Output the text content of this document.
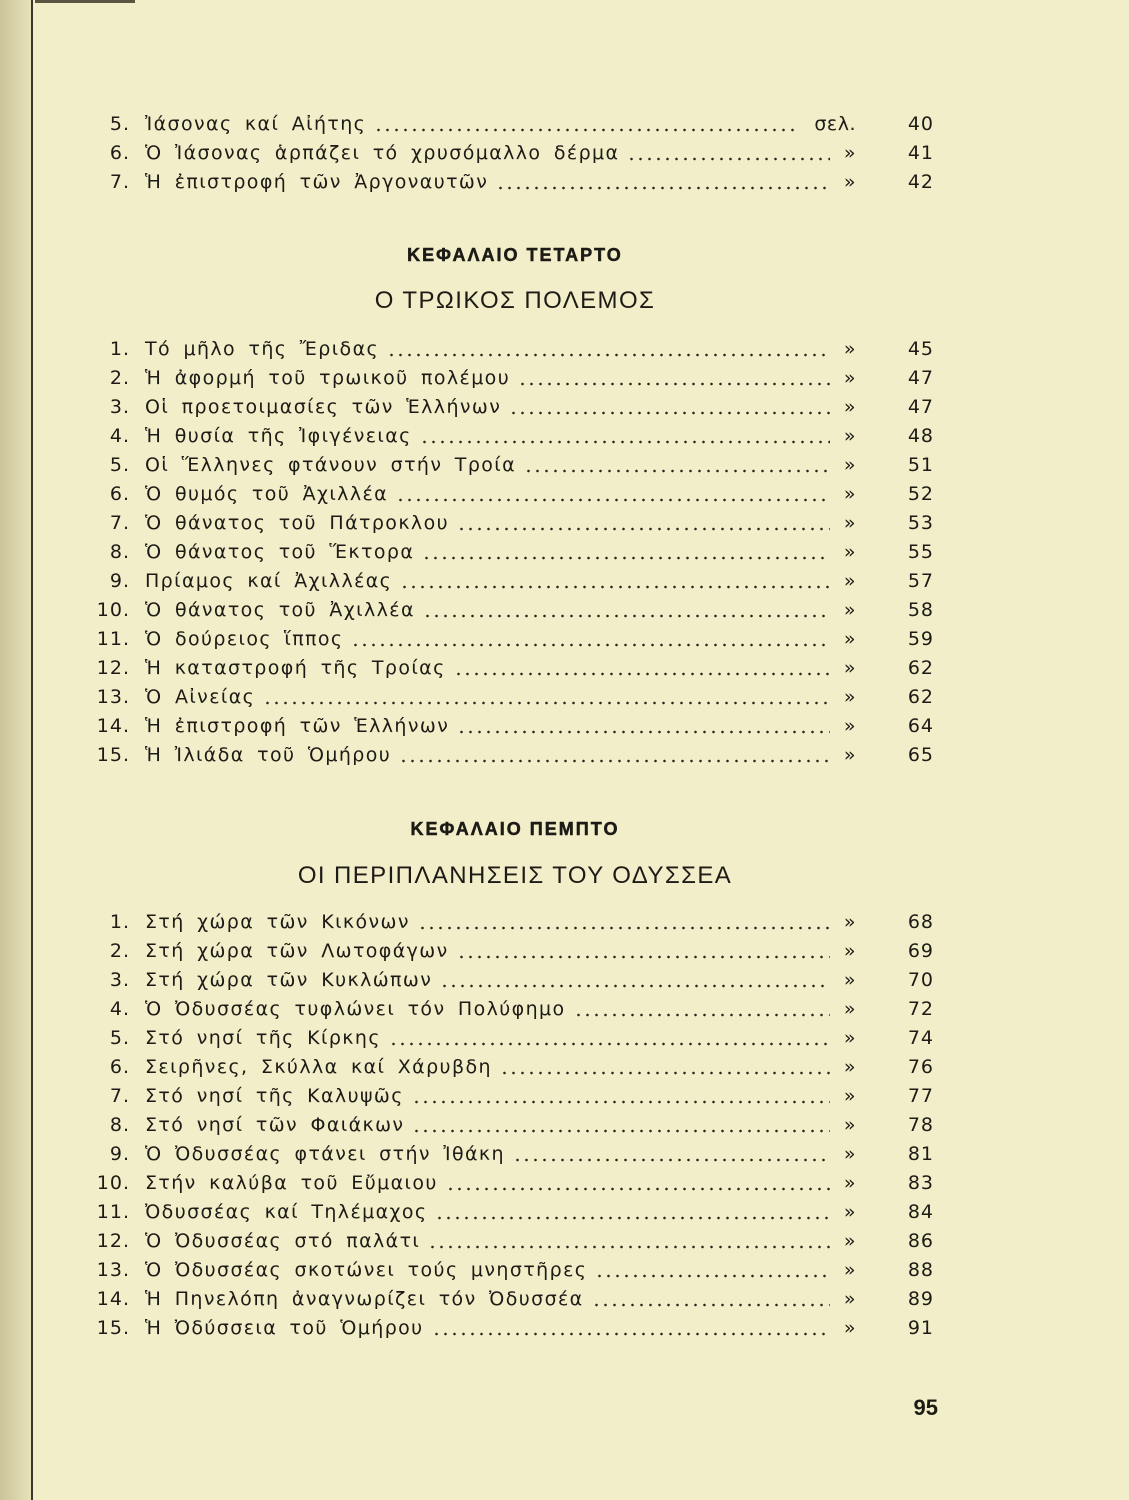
5. Ἰάσονας καί Αἰήτης	σελ.	40
6. Ὁ Ἰάσονας ἁρπάζει τό χρυσόμαλλο δέρμα	»	41
7. Ἡ ἐπιστροφή τῶν Ἀργοναυτῶν	»	42
ΚΕΦΑΛΑΙΟ ΤΕΤΑΡΤΟ
Ο ΤΡΩΙΚΟΣ ΠΟΛΕΜΟΣ
1. Τό μῆλο τῆς Ἔριδας	»	45
2. Ἡ ἀφορμή τοῦ τρωικοῦ πολέμου	»	47
3. Οἱ προετοιμασίες τῶν Ἑλλήνων	»	47
4. Ἡ θυσία τῆς Ἰφιγένειας	»	48
5. Οἱ Ἕλληνες φτάνουν στήν Τροία	»	51
6. Ὁ θυμός τοῦ Ἀχιλλέα	»	52
7. Ὁ θάνατος τοῦ Πάτροκλου	»	53
8. Ὁ θάνατος τοῦ Ἕκτορα	»	55
9. Πρίαμος καί Ἀχιλλέας	»	57
10. Ὁ θάνατος τοῦ Ἀχιλλέα	»	58
11. Ὁ δούρειος ἵππος	»	59
12. Ἡ καταστροφή τῆς Τροίας	»	62
13. Ὁ Αἰνείας	»	62
14. Ἡ ἐπιστροφή τῶν Ἑλλήνων	»	64
15. Ἡ Ἰλιάδα τοῦ Ὁμήρου	»	65
ΚΕΦΑΛΑΙΟ ΠΕΜΠΤΟ
ΟΙ ΠΕΡΙΠΛΑΝΗΣΕΙΣ ΤΟΥ ΟΔΥΣΣΕΑ
1. Στή χώρα τῶν Κικόνων	»	68
2. Στή χώρα τῶν Λωτοφάγων	»	69
3. Στή χώρα τῶν Κυκλώπων	»	70
4. Ὁ Ὀδυσσέας τυφλώνει τόν Πολύφημο	»	72
5. Στό νησί τῆς Κίρκης	»	74
6. Σειρῆνες, Σκύλλα καί Χάρυβδη	»	76
7. Στό νησί τῆς Καλυψῶς	»	77
8. Στό νησί τῶν Φαιάκων	»	78
9. Ὁ Ὀδυσσέας φτάνει στήν Ἰθάκη	»	81
10. Στήν καλύβα τοῦ Εὔμαιου	»	83
11. Ὀδυσσέας καί Τηλέμαχος	»	84
12. Ὁ Ὀδυσσέας στό παλάτι	»	86
13. Ὁ Ὀδυσσέας σκοτώνει τούς μνηστῆρες	»	88
14. Ἡ Πηνελόπη ἀναγνωρίζει τόν Ὀδυσσέα	»	89
15. Ἡ Ὀδύσσεια τοῦ Ὁμήρου	»	91
95
